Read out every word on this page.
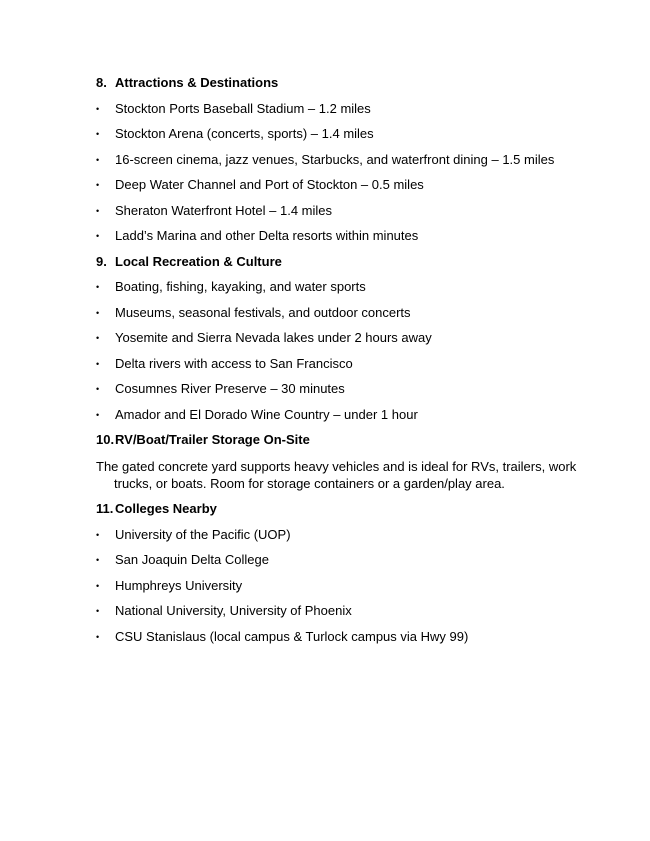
8. Attractions & Destinations
•	Stockton Ports Baseball Stadium – 1.2 miles
•	Stockton Arena (concerts, sports) – 1.4 miles
•	16-screen cinema, jazz venues, Starbucks, and waterfront dining – 1.5 miles
•	Deep Water Channel and Port of Stockton – 0.5 miles
•	Sheraton Waterfront Hotel – 1.4 miles
•	Ladd’s Marina and other Delta resorts within minutes
9. Local Recreation & Culture
•	Boating, fishing, kayaking, and water sports
•	Museums, seasonal festivals, and outdoor concerts
•	Yosemite and Sierra Nevada lakes under 2 hours away
•	Delta rivers with access to San Francisco
•	Cosumnes River Preserve – 30 minutes
•	Amador and El Dorado Wine Country – under 1 hour
10. RV/Boat/Trailer Storage On-Site
The gated concrete yard supports heavy vehicles and is ideal for RVs, trailers, work trucks, or boats. Room for storage containers or a garden/play area.
11. Colleges Nearby
•	University of the Pacific (UOP)
•	San Joaquin Delta College
•	Humphreys University
•	National University, University of Phoenix
•	CSU Stanislaus (local campus & Turlock campus via Hwy 99)
